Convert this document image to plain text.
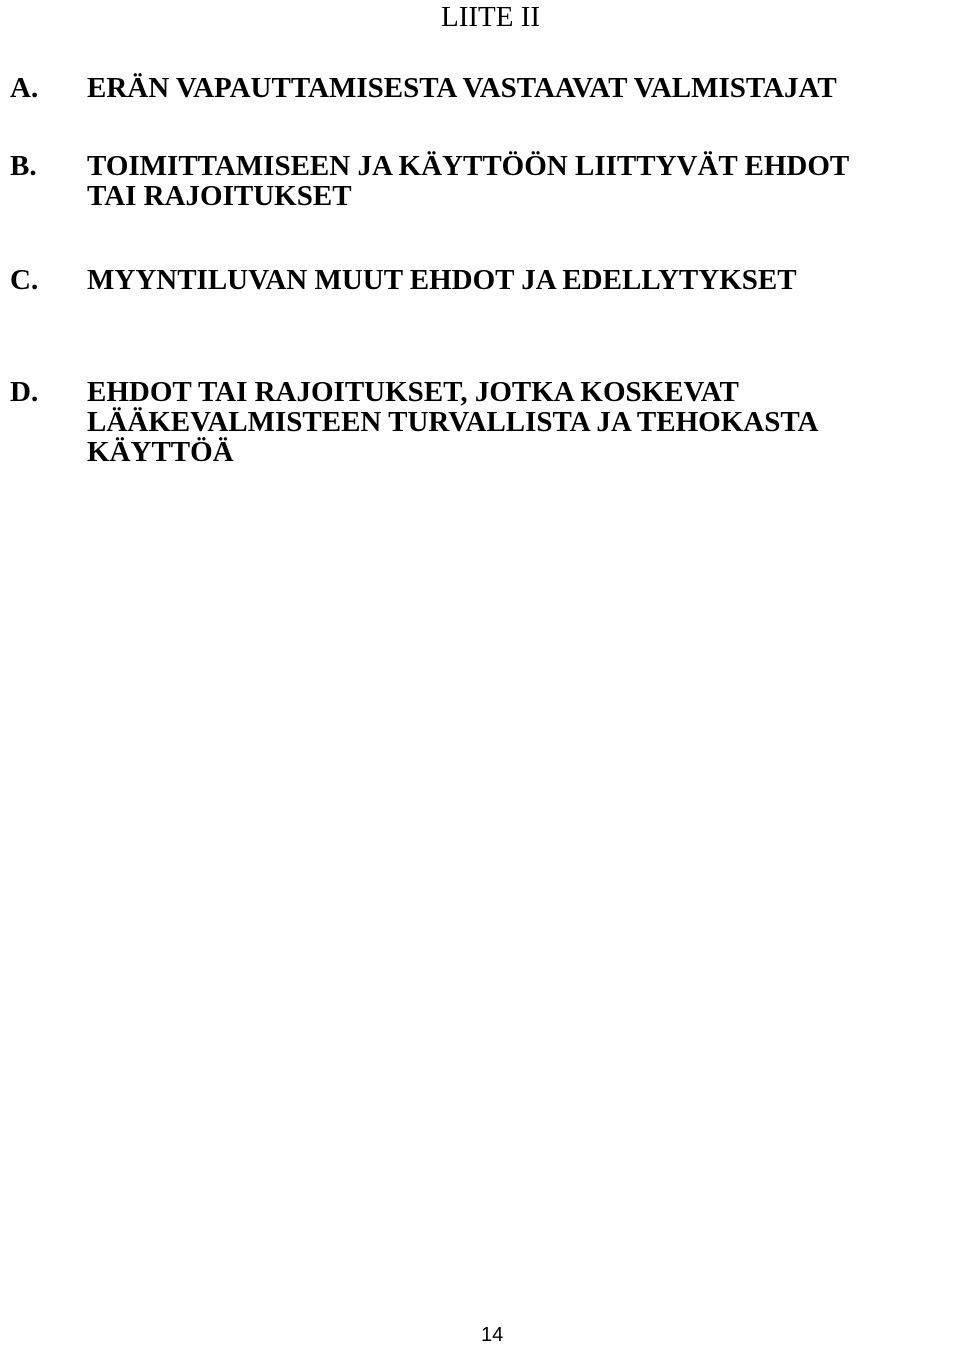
LIITE II
A. ERÄN VAPAUTTAMISESTA VASTAAVAT VALMISTAJAT
B. TOIMITTAMISEEN JA KÄYTTÖÖN LIITTYVÄT EHDOT
TAI RAJOITUKSET
C. MYYNTILUVAN MUUT EHDOT JA EDELLYTYKSET
D. EHDOT TAI RAJOITUKSET, JOTKA KOSKEVAT
LÄÄKEVALMISTEEN TURVALLISTA JA TEHOKASTA
KÄYTTÖÄ
14
